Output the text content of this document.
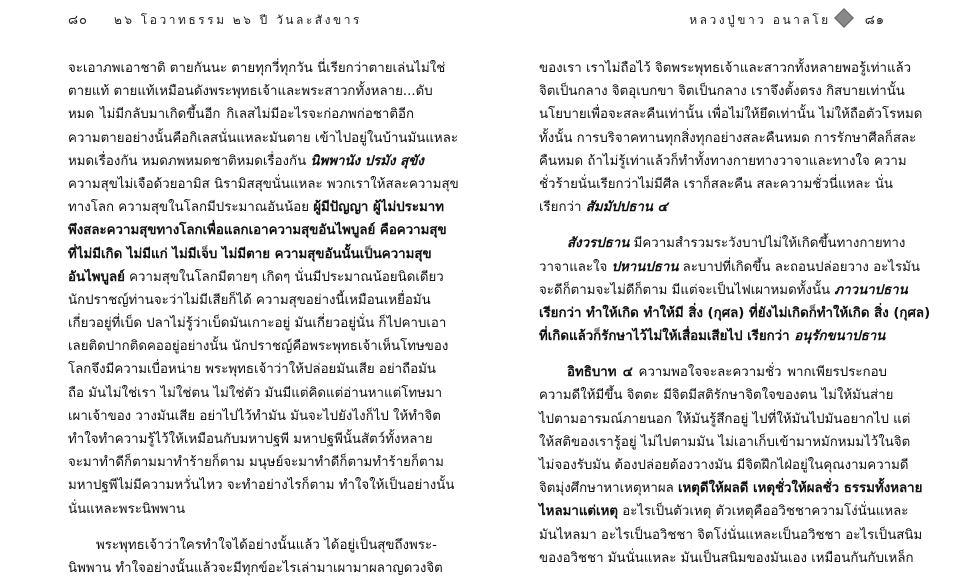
๘๐ ๒๖ โอวาทธรรม ๒๖ ปี วันละสังขาร
จะเอาภพเอาชาติ ตายกันนะ ตายทุกวี่ทุกวัน นี่เรียกว่าตายเล่นไม่ใช่
ตายแท้ ตายแท้เหมือนดังพระพุทธเจ้าและพระสาวกทั้งหลาย...ดับ
หมด ไม่มีกลับมาเกิดขึ้นอีก กิเลสไม่มีอะไรจะก่อภพก่อชาติอีก
ความตายอย่างนั้นคือกิเลสนั่นแหละมันตาย เข้าไปอยู่ในบ้านมันแหละ
หมดเรื่องกัน หมดภพหมดชาติหมดเรื่องกัน นิพพานัง ปรมัง สุขัง
ความสุขไม่เจือด้วยอามิส นิรามิสสุขนั่นแหละ พวกเราให้สละความสุข
ทางโลก ความสุขในโลกมีประมาณอันน้อย ผู้มีปัญญา ผู้ไม่ประมาท
พึงสละความสุขทางโลกเพื่อแลกเอาความสุขอันไพบูลย์ คือความสุข
ที่ไม่มีเกิด ไม่มีแก่ ไม่มีเจ็บ ไม่มีตาย ความสุขอันนั้นเป็นความสุข
อันไพบูลย์ ความสุขในโลกมีตายๆ เกิดๆ นั่นมีประมาณน้อยนิดเดียว
นักปราชญ์ท่านจะว่าไม่มีเสียก็ได้ ความสุขอย่างนี้เหมือนเหยื่อมัน
เกี่ยวอยู่ที่เบ็ด ปลาไม่รู้ว่าเบ็ดมันเกาะอยู่ มันเกี่ยวอยู่นั่น ก็ไปคาบเอา
เลยติดปากติดคออยู่อย่างนั้น นักปราชญ์คือพระพุทธเจ้าเห็นโทษของ
โลกจึงมีความเบื่อหน่าย พระพุทธเจ้าว่าให้ปล่อยมันเสีย อย่าถือมัน
ถือ มันไม่ใช่เรา ไม่ใช่ตน ไม่ใช่ตัว มันมีแต่คิดแต่อ่านหาแต่โทษมา
เผาเจ้าของ วางมันเสีย อย่าไปไว้ทำมัน มันจะไปยังไงก็ไป ให้ทำจิต
ทำใจทำความรู้ไว้ให้เหมือนกับมหาปฐพี มหาปฐพีนั้นสัตว์ทั้งหลาย
จะมาทำดีก็ตามมาทำร้ายก็ตาม มนุษย์จะมาทำดีก็ตามทำร้ายก็ตาม
มหาปฐพีไม่มีความหวั่นไหว จะทำอย่างไรก็ตาม ทำใจให้เป็นอย่างนั้น
นั่นแหละพระนิพพาน
พระพุทธเจ้าว่าใครทำใจได้อย่างนั้นแล้ว ได้อยู่เป็นสุขถึงพระ-
นิพพาน ทำใจอย่างนั้นแล้วจะมีทุกข์อะไรเล่ามาเผามาผลาญดวงจิต
หลวงปู่ขาว อนาลโย	๘๑
ของเรา เราไม่ถือไว้ จิตพระพุทธเจ้าและสาวกทั้งหลายพอรู้เท่าแล้ว
จิตเป็นกลาง จิตอุเบกขา จิตเป็นกลาง เราจึงตั้งตรง กิสบายเท่านั้น
นโยบายเพื่อจะสละคืนเท่านั้น เพื่อไม่ให้ยึดเท่านั้น ไม่ให้ถือตัวโรหมด
ทั้งนั้น การบริจาคทานทุกสิ่งทุกอย่างสละคืนหมด การรักษาศีลก็สละ
คืนหมด ถ้าไม่รู้เท่าแล้วก็ทำทั้งทางกายทางวาจาและทางใจ ความ
ชั่วร้ายนั่นเรียกว่าไม่มีศีล เราก็สละคืน สละความชั่วนี่แหละ นั่น
เรียกว่า สัมมัปปธาน ๔
สังวรปธาน มีความสำรวมระวังบาปไม่ให้เกิดขึ้นทางกายทาง
วาจาและใจ ปหานปธาน ละบาปที่เกิดขึ้น ละถอนปล่อยวาง อะไรมัน
จะดีก็ตามจะไม่ดีก็ตาม มีแต่จะเป็นไฟเผาหมดทั้งนั้น ภาวนาปธาน
เรียกว่า ทำให้เกิด ทำให้มี สิ่ง (กุศล) ที่ยังไม่เกิดก็ทำให้เกิด สิ่ง (กุศล)
ที่เกิดแล้วก็รักษาไว้ไม่ให้เสื่อมเสียไป เรียกว่า อนุรักขนาปธาน
อิทธิบาท ๔ ความพอใจจะละความชั่ว พากเพียรประกอบ
ความดีให้มีขึ้น จิตตะ มีจิตมีสติรักษาจิตใจของตน ไม่ให้มันส่าย
ไปตามอารมณ์ภายนอก ให้มันรู้สึกอยู่ ไปที่ให้มันไปมันอยากไป แต่
ให้สติของเรารู้อยู่ ไม่ไปตามมัน ไม่เอาเก็บเข้ามาหมักหมมไว้ในจิต
ไม่จองรับมัน ต้องปล่อยต้องวางมัน มีจิตฝึกไฝ่อยู่ในคุณงามความดี
จิตมุ่งศึกษาหาเหตุหาผล เหตุดีให้ผลดี เหตุชั่วให้ผลชั่ว ธรรมทั้งหลาย
ไหลมาแต่เหตุ อะไรเป็นตัวเหตุ ตัวเหตุคืออวิชชาความโง่นั่นแหละ
มันไหลมา อะไรเป็นอวิชชา จิตโง่นั่นแหละเป็นอวิชชา อะไรเป็นสนิม
ของอวิชชา มันนั่นแหละ มันเป็นสนิมของมันเอง เหมือนกันกับเหล็ก
